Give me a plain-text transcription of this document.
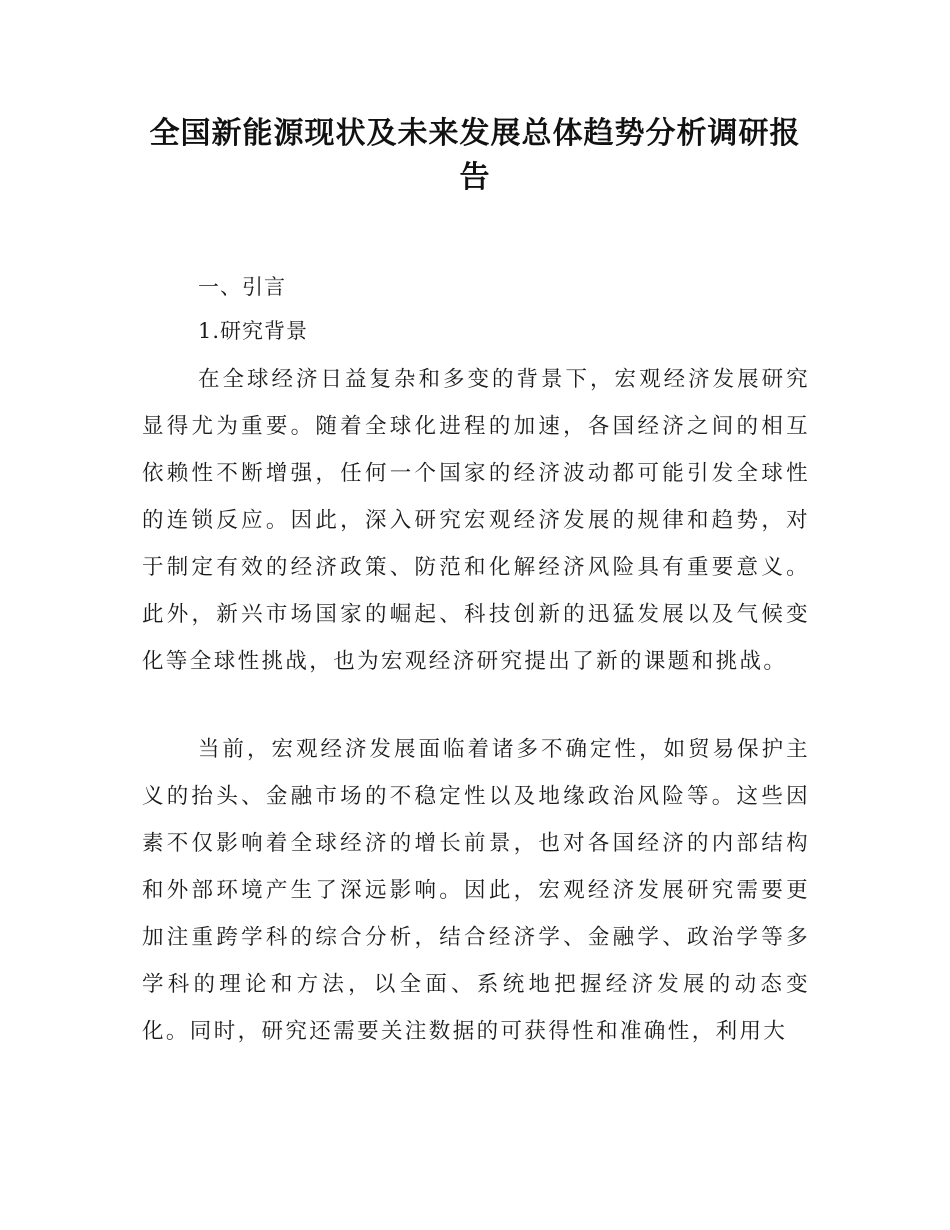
全国新能源现状及未来发展总体趋势分析调研报告

一、引言

1.研究背景

在全球经济日益复杂和多变的背景下，宏观经济发展研究显得尤为重要。随着全球化进程的加速，各国经济之间的相互依赖性不断增强，任何一个国家的经济波动都可能引发全球性的连锁反应。因此，深入研究宏观经济发展的规律和趋势，对于制定有效的经济政策、防范和化解经济风险具有重要意义。此外，新兴市场国家的崛起、科技创新的迅猛发展以及气候变化等全球性挑战，也为宏观经济研究提出了新的课题和挑战。

当前，宏观经济发展面临着诸多不确定性，如贸易保护主义的抬头、金融市场的不稳定性以及地缘政治风险等。这些因素不仅影响着全球经济的增长前景，也对各国经济的内部结构和外部环境产生了深远影响。因此，宏观经济发展研究需要更加注重跨学科的综合分析，结合经济学、金融学、政治学等多学科的理论和方法，以全面、系统地把握经济发展的动态变化。同时，研究还需要关注数据的可获得性和准确性，利用大
